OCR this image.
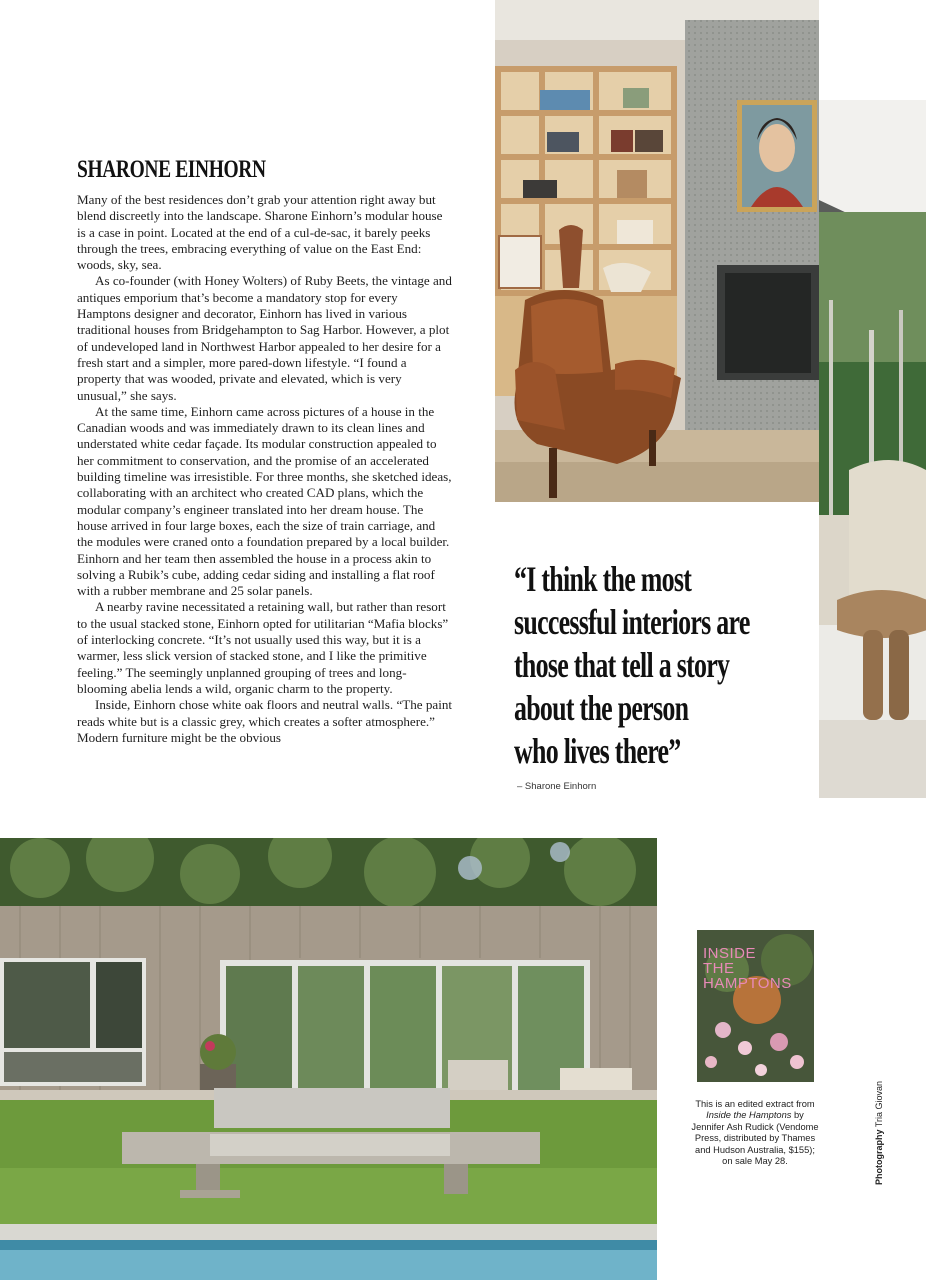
SHARONE EINHORN

Many of the best residences don’t grab your attention right away but blend discreetly into the landscape. Sharone Einhorn’s modular house is a case in point. Located at the end of a cul-de-sac, it barely peeks through the trees, embracing everything of value on the East End: woods, sky, sea.

As co-founder (with Honey Wolters) of Ruby Beets, the vintage and antiques emporium that’s become a mandatory stop for every Hamptons designer and decorator, Einhorn has lived in various traditional houses from Bridgehampton to Sag Harbor. However, a plot of undeveloped land in Northwest Harbor appealed to her desire for a fresh start and a simpler, more pared-down lifestyle. “I found a property that was wooded, private and elevated, which is very unusual,” she says.

At the same time, Einhorn came across pictures of a house in the Canadian woods and was immediately drawn to its clean lines and understated white cedar façade. Its modular construction appealed to her commitment to conservation, and the promise of an accelerated building timeline was irresistible. For three months, she sketched ideas, collaborating with an architect who created CAD plans, which the modular company’s engineer translated into her dream house. The house arrived in four large boxes, each the size of train carriage, and the modules were craned onto a foundation prepared by a local builder. Einhorn and her team then assembled the house in a process akin to solving a Rubik’s cube, adding cedar siding and installing a flat roof with a rubber membrane and 25 solar panels.

A nearby ravine necessitated a retaining wall, but rather than resort to the usual stacked stone, Einhorn opted for utilitarian “Mafia blocks” of interlocking concrete. “It’s not usually used this way, but it is a warmer, less slick version of stacked stone, and I like the primitive feeling.” The seemingly unplanned grouping of trees and long-blooming abelia lends a wild, organic charm to the property.

Inside, Einhorn chose white oak floors and neutral walls. “The paint reads white but is a classic grey, which creates a softer atmosphere.” Modern furniture might be the obvious

“I think the most
successful interiors are
those that tell a story
about the person
who lives there”
– Sharone Einhorn
INSIDE
THE
HAMPTONS
This is an edited extract from Inside the Hamptons by Jennifer Ash Rudick (Vendome Press, distributed by Thames and Hudson Australia, $155); on sale May 28.	Photography Tria Giovan
